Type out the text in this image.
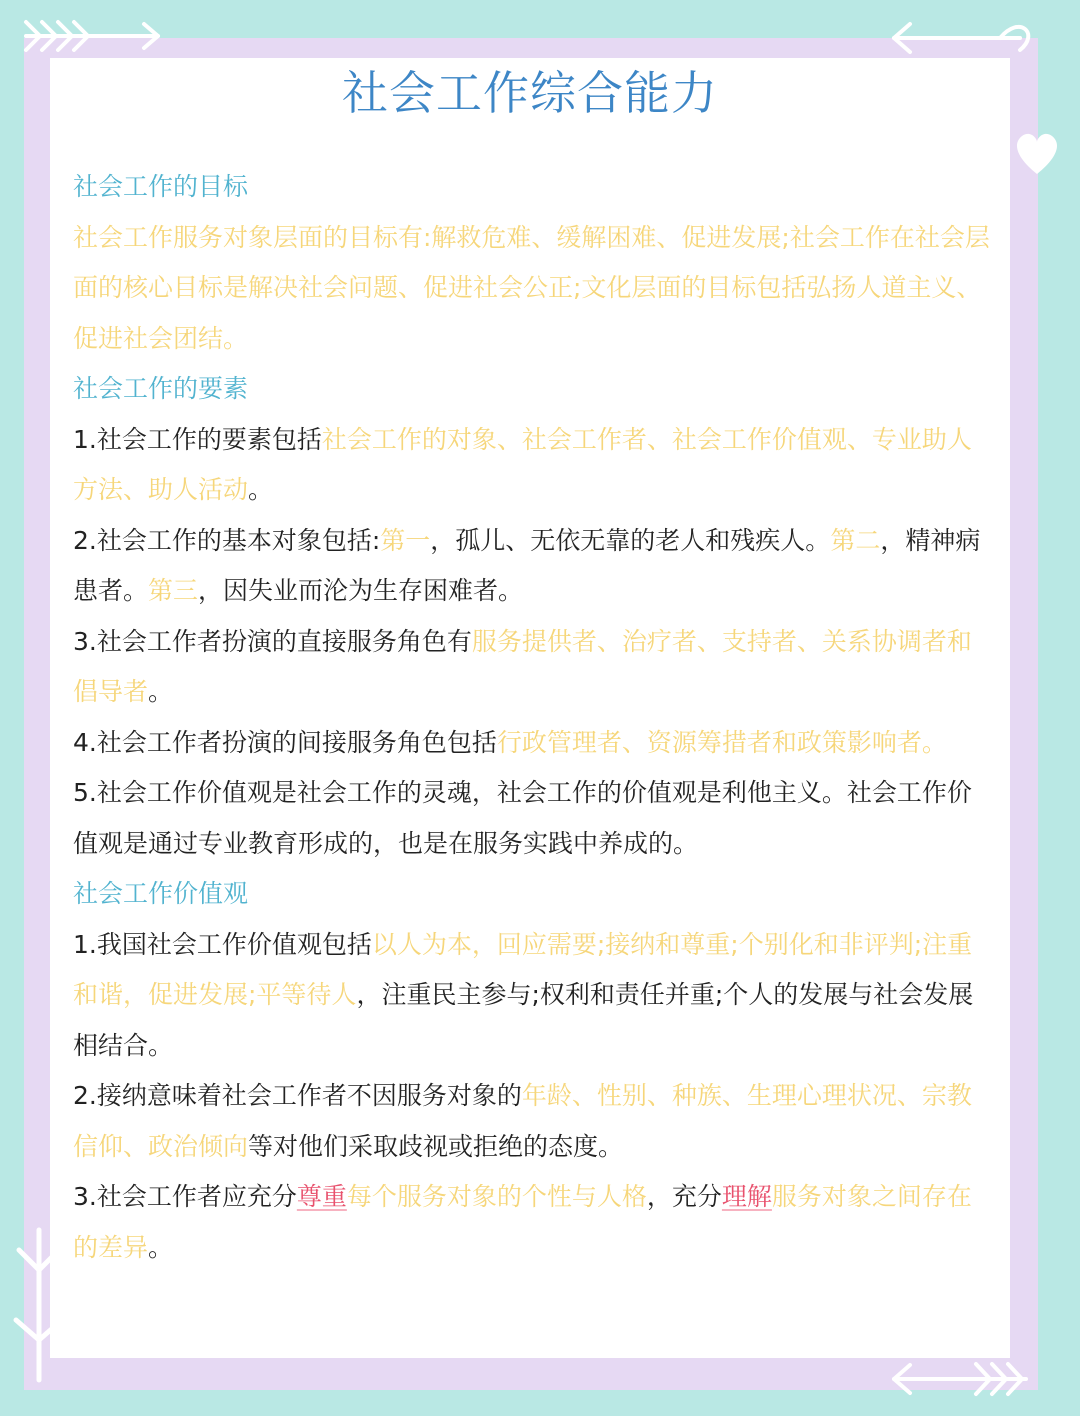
社会工作综合能力

社会工作的目标

社会工作服务对象层面的目标有:解救危难、缓解困难、促进发展;社会工作在社会层面的核心目标是解决社会问题、促进社会公正;文化层面的目标包括弘扬人道主义、促进社会团结。

社会工作的要素

1.社会工作的要素包括社会工作的对象、社会工作者、社会工作价值观、专业助人方法、助人活动。

2.社会工作的基本对象包括:第一，孤儿、无依无靠的老人和残疾人。第二，精神病患者。第三，因失业而沦为生存困难者。

3.社会工作者扮演的直接服务角色有服务提供者、治疗者、支持者、关系协调者和倡导者。

4.社会工作者扮演的间接服务角色包括行政管理者、资源筹措者和政策影响者。

5.社会工作价值观是社会工作的灵魂，社会工作的价值观是利他主义。社会工作价值观是通过专业教育形成的，也是在服务实践中养成的。

社会工作价值观

1.我国社会工作价值观包括以人为本，回应需要;接纳和尊重;个别化和非评判;注重和谐，促进发展;平等待人，注重民主参与;权利和责任并重;个人的发展与社会发展相结合。

2.接纳意味着社会工作者不因服务对象的年龄、性别、种族、生理心理状况、宗教信仰、政治倾向等对他们采取歧视或拒绝的态度。

3.社会工作者应充分尊重每个服务对象的个性与人格，充分理解服务对象之间存在的差异。
